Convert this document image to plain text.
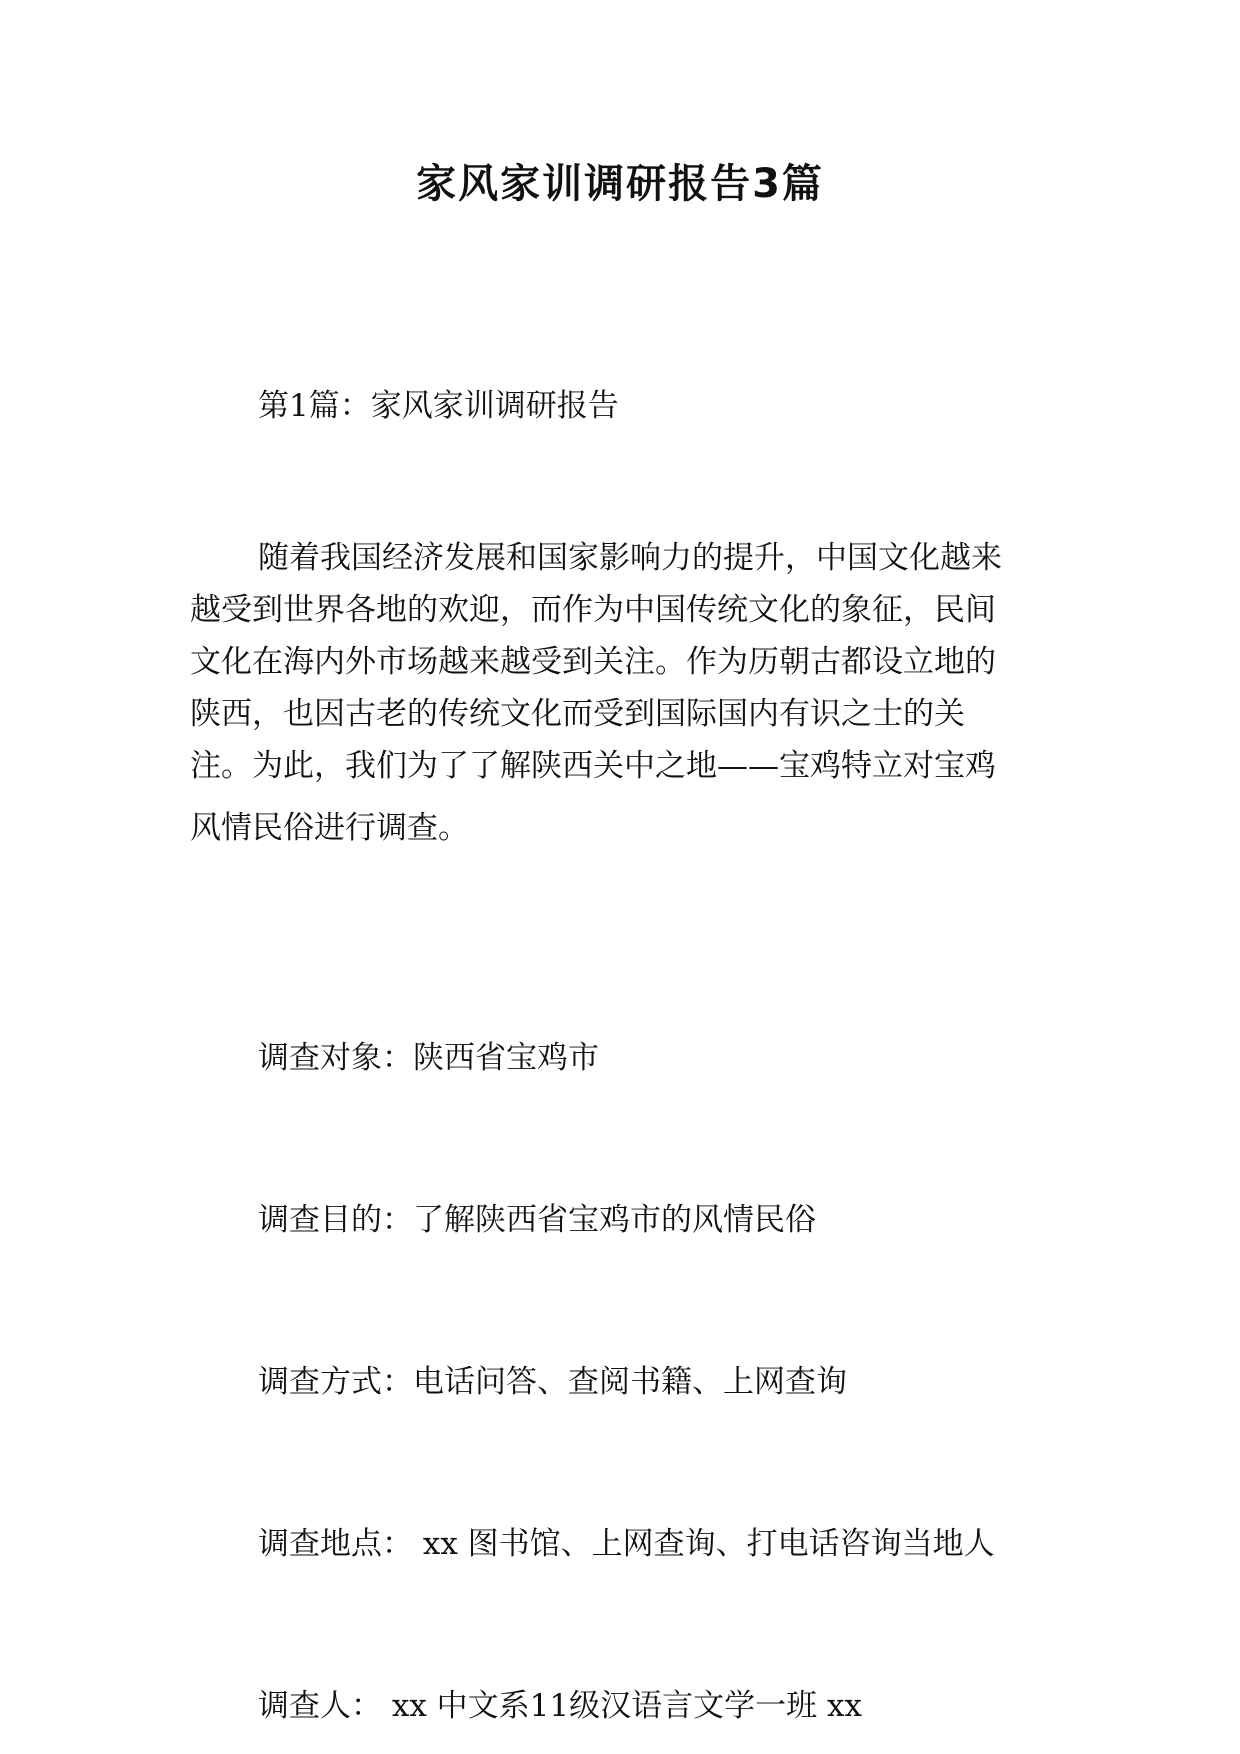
家风家训调研报告3篇

第1篇：家风家训调研报告

随着我国经济发展和国家影响力的提升，中国文化越来
越受到世界各地的欢迎，而作为中国传统文化的象征，民间
文化在海内外市场越来越受到关注。作为历朝古都设立地的
陕西，也因古老的传统文化而受到国际国内有识之士的关
注。为此，我们为了了解陕西关中之地——宝鸡特立对宝鸡
风情民俗进行调查。

调查对象：陕西省宝鸡市

调查目的：了解陕西省宝鸡市的风情民俗

调查方式：电话问答、查阅书籍、上网查询

调查地点： xx 图书馆、上网查询、打电话咨询当地人

调查人： xx 中文系11级汉语言文学一班 xx
